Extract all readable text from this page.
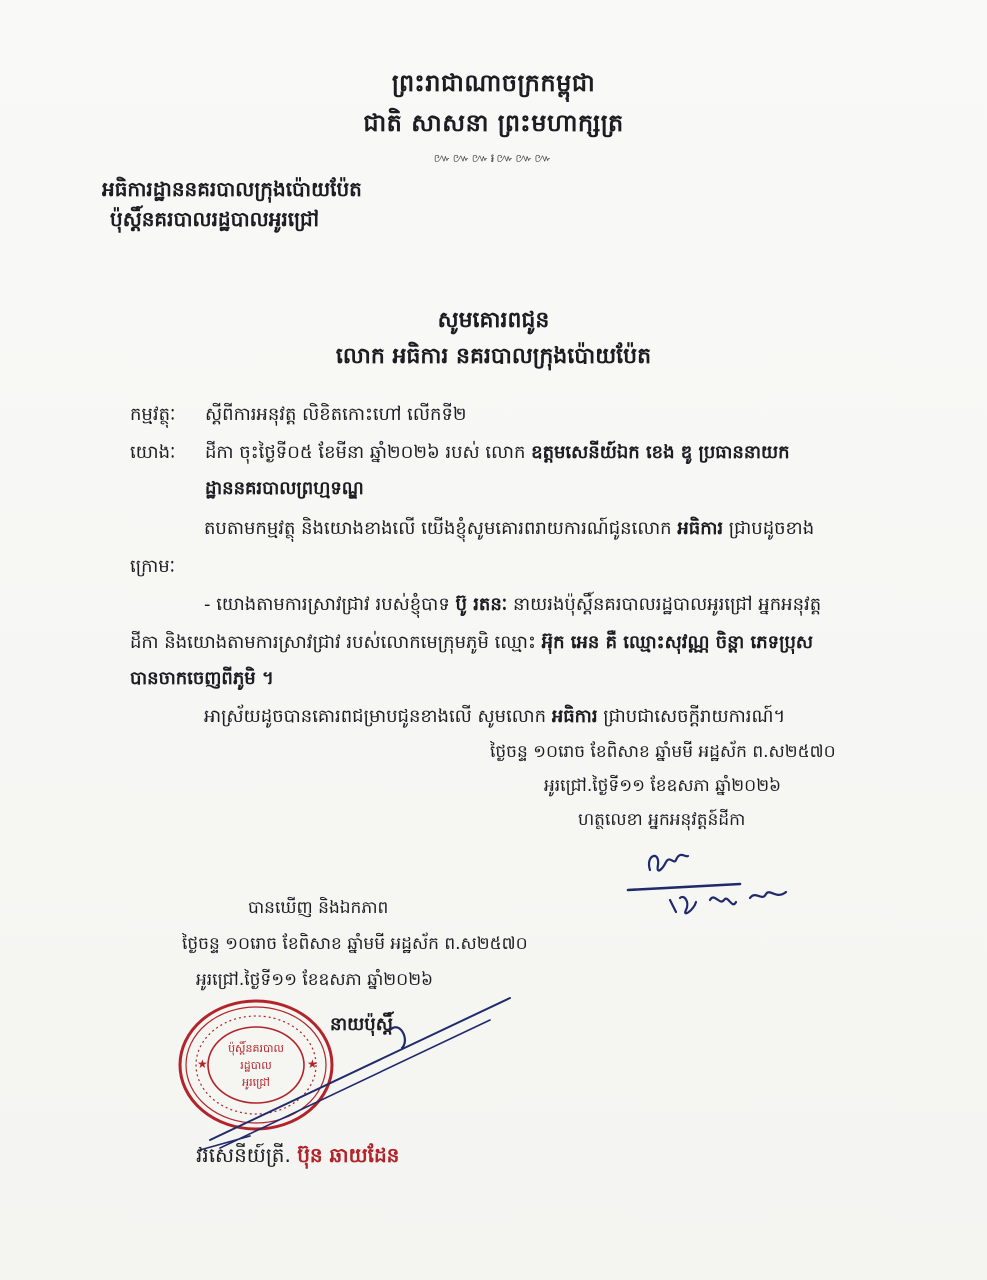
ព្រះរាជាណាចក្រកម្ពុជា
ជាតិ សាសនា ព្រះមហាក្សត្រ
៚៚៚៛៚៚៚
អធិការដ្ឋាននគរបាលក្រុងប៉ោយប៉ែត
ប៉ុស្តិ៍នគរបាលរដ្ឋបាលអូរជ្រៅ
សូមគោរពជូន
លោក អធិការ នគរបាលក្រុងប៉ោយប៉ែត
កម្មវត្ថុៈ ស្តីពីការអនុវត្ត លិខិតកោះហៅ លើកទី២
យោងៈ ដីកា ចុះថ្ងៃទី០៥ ខែមីនា ឆ្នាំ២០២៦ របស់ លោក ឧត្តមសេនីយ៍ឯក ខេង ឌូ ប្រធាននាយក
ដ្ឋាននគរបាលព្រហ្មទណ្ឌ
តបតាមកម្មវត្ថុ និងយោងខាងលើ យើងខ្ញុំសូមគោរពរាយការណ៍ជូនលោក អធិការ ជ្រាបដូចខាង
ក្រោមៈ
- យោងតាមការស្រាវជ្រាវ របស់ខ្ញុំបាទ ប៊ូ រតនៈ នាយរងប៉ុស្តិ៍នគរបាលរដ្ឋបាលអូរជ្រៅ អ្នកអនុវត្ត
ដីកា និងយោងតាមការស្រាវជ្រាវ របស់លោកមេក្រុមភូមិ ឈ្មោះ អ៊ុក អេន គឺ ឈ្មោះសុវណ្ណ ចិន្តា ភេទប្រុស
បានចាកចេញពីភូមិ ។
អាស្រ័យដូចបានគោរពជម្រាបជូនខាងលើ សូមលោក អធិការ ជ្រាបជាសេចក្តីរាយការណ៍។
ថ្ងៃចន្ទ ១០រោច ខែពិសាខ ឆ្នាំមមី អដ្ឋស័ក ព.ស២៥៧០
អូរជ្រៅ.ថ្ងៃទី១១ ខែឧសភា ឆ្នាំ២០២៦
ហត្ថលេខា អ្នកអនុវត្តន៍ដីកា
បានឃើញ និងឯកភាព
ថ្ងៃចន្ទ ១០រោច ខែពិសាខ ឆ្នាំមមី អដ្ឋស័ក ព.ស២៥៧០
អូរជ្រៅ.ថ្ងៃទី១១ ខែឧសភា ឆ្នាំ២០២៦
នាយប៉ុស្តិ៍
★	★
ប៉ុស្តិ៍នគរបាល
រដ្ឋបាល
អូរជ្រៅ
វរសេនីយ៍ត្រី. ប៊ុន ឆាយដែន
